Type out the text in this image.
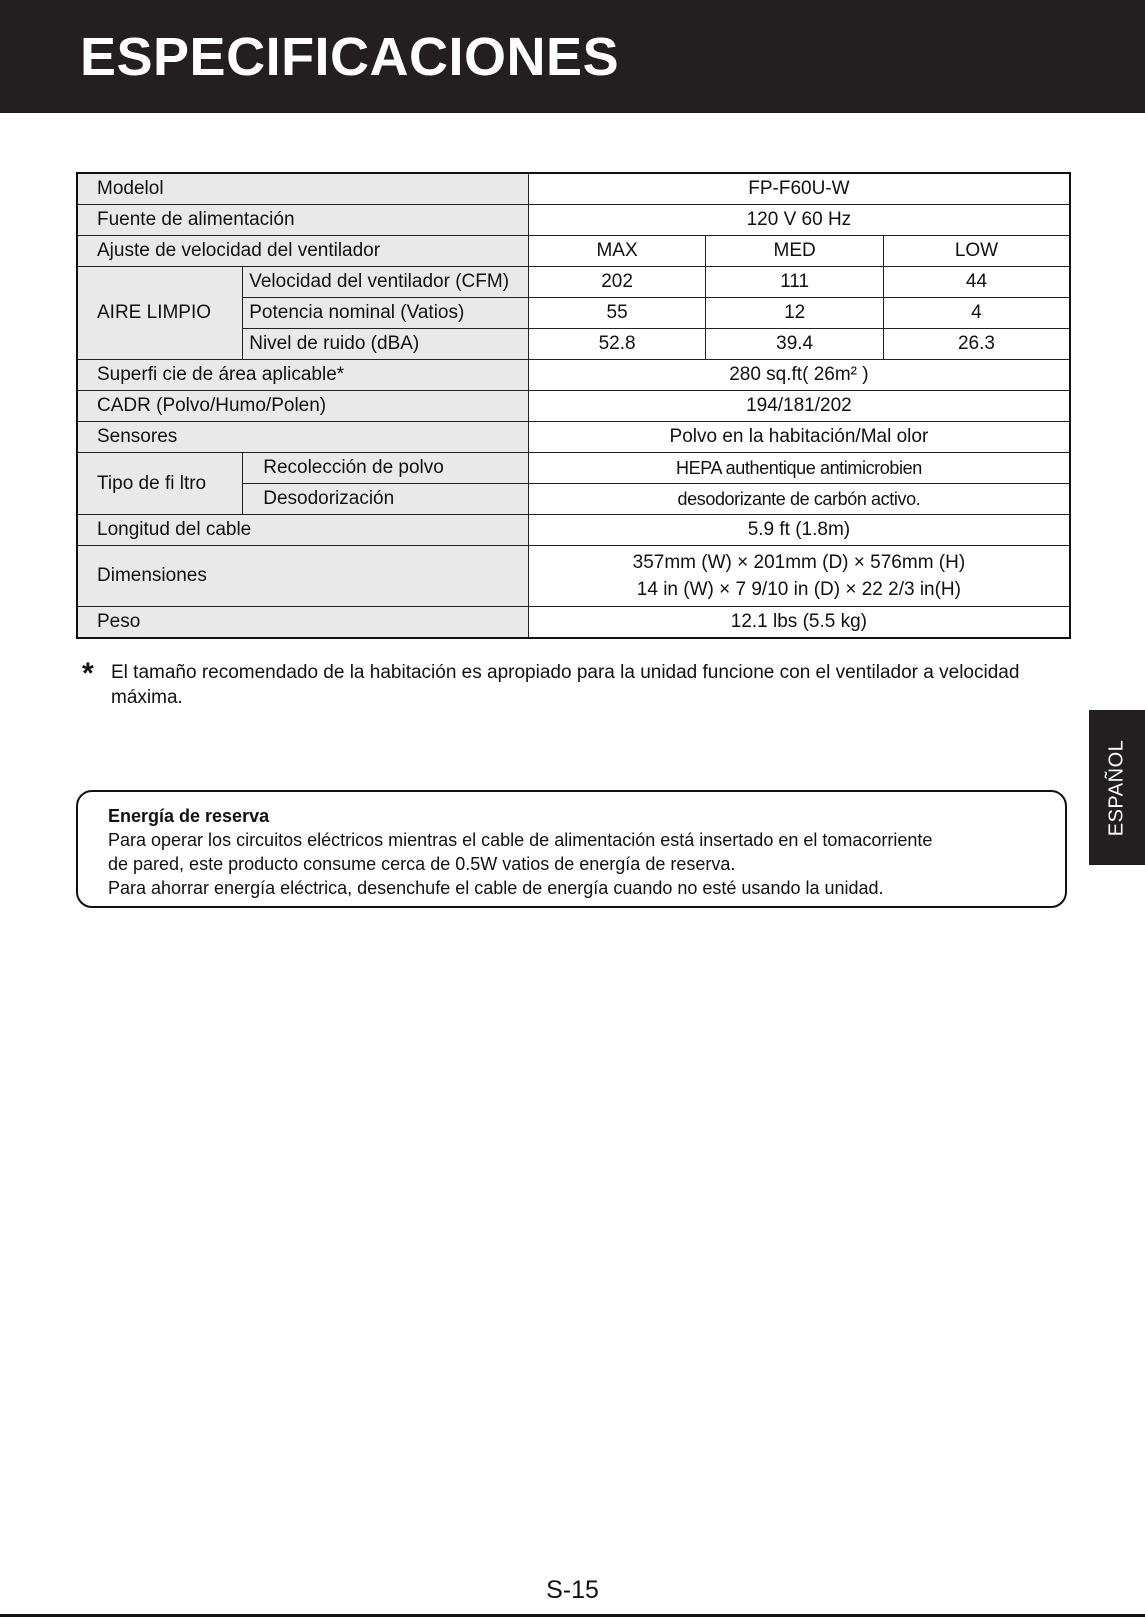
ESPECIFICACIONES
Modelol		FP-F60U-W		
Fuente de alimentación		120 V 60 Hz		
Ajuste de velocidad del ventilador		MAX	MED	LOW
AIRE LIMPIO	Velocidad del ventilador (CFM)	202	111	44
	Potencia nominal (Vatios)	55	12	4
	Nivel de ruido (dBA)	52.8	39.4	26.3
Superfi cie de área aplicable*		280 sq.ft( 26m² )		
CADR (Polvo/Humo/Polen)		194/181/202		
Sensores		Polvo en la habitación/Mal olor		
Tipo de fi ltro	Recolección de polvo	HEPA authentique antimicrobien		
	Desodorización	desodorizante de carbón activo.		
Longitud del cable		5.9 ft (1.8m)		
Dimensiones		357mm (W) × 201mm (D) × 576mm (H)
14 in (W) × 7 9/10 in (D) × 22 2/3 in(H)		

Peso		12.1 lbs (5.5 kg)		
* El tamaño recomendado de la habitación es apropiado para la unidad funcione con el ventilador a velocidad máxima.
ESPAÑOL
Energía de reserva
Para operar los circuitos eléctricos mientras el cable de alimentación está insertado en el tomacorriente
de pared, este producto consume cerca de 0.5W vatios de energía de reserva.
Para ahorrar energía eléctrica, desenchufe el cable de energía cuando no esté usando la unidad.
S-15
